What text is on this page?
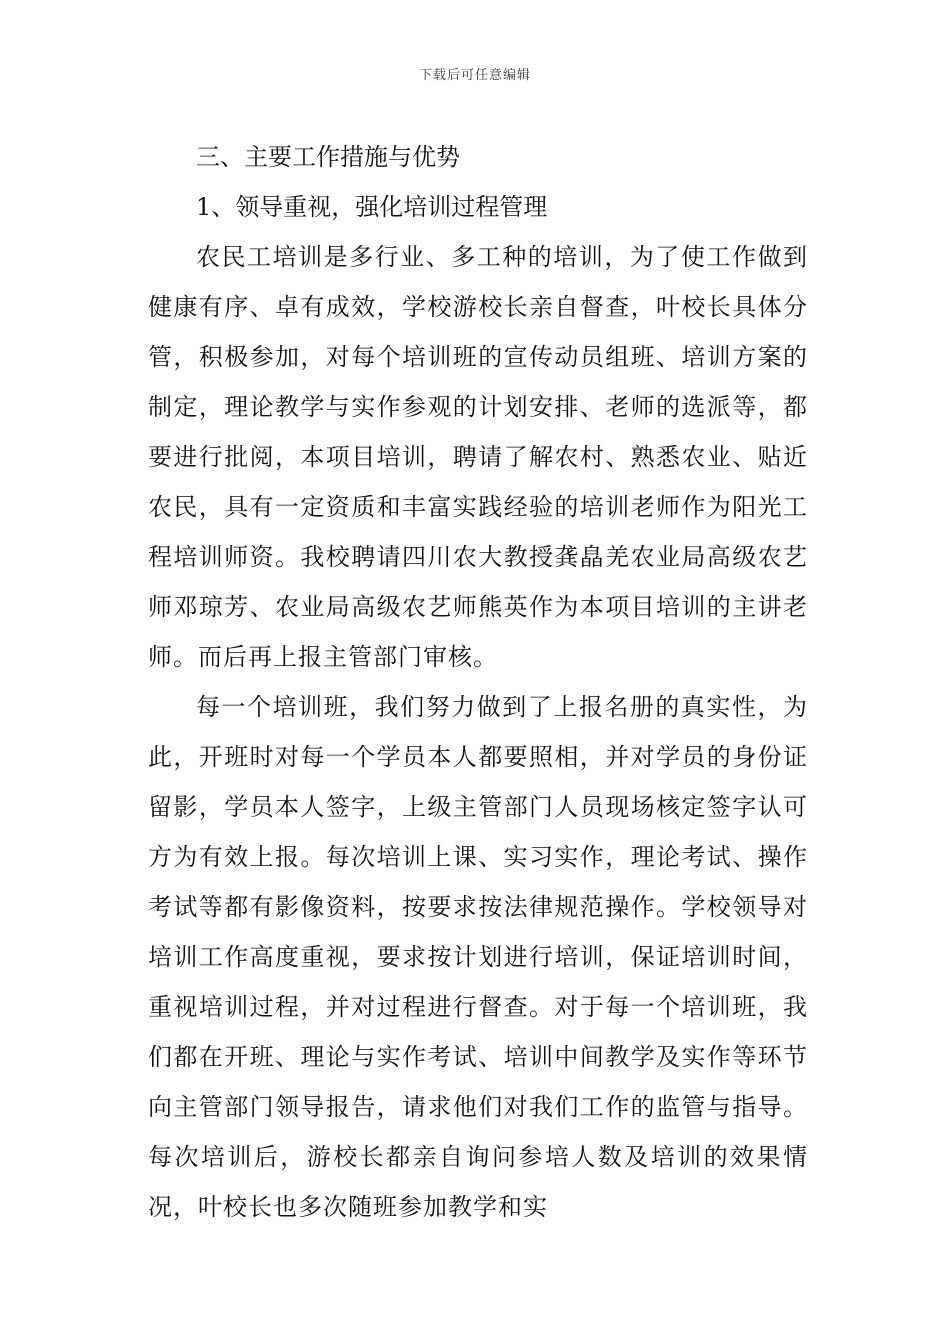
下载后可任意编辑
三、主要工作措施与优势
1、领导重视，强化培训过程管理

农民工培训是多行业、多工种的培训，为了使工作做到健康有序、卓有成效，学校游校长亲自督查，叶校长具体分管，积极参加，对每个培训班的宣传动员组班、培训方案的制定，理论教学与实作参观的计划安排、老师的选派等，都要进行批阅，本项目培训，聘请了解农村、熟悉农业、贴近农民，具有一定资质和丰富实践经验的培训老师作为阳光工程培训师资。我校聘请四川农大教授龚皛羌农业局高级农艺师邓琼芳、农业局高级农艺师熊英作为本项目培训的主讲老师。而后再上报主管部门审核。

每一个培训班，我们努力做到了上报名册的真实性，为此，开班时对每一个学员本人都要照相，并对学员的身份证留影，学员本人签字，上级主管部门人员现场核定签字认可方为有效上报。每次培训上课、实习实作，理论考试、操作考试等都有影像资料，按要求按法律规范操作。学校领导对培训工作高度重视，要求按计划进行培训，保证培训时间，重视培训过程，并对过程进行督查。对于每一个培训班，我们都在开班、理论与实作考试、培训中间教学及实作等环节向主管部门领导报告，请求他们对我们工作的监管与指导。每次培训后，游校长都亲自询问参培人数及培训的效果情况，叶校长也多次随班参加教学和实
